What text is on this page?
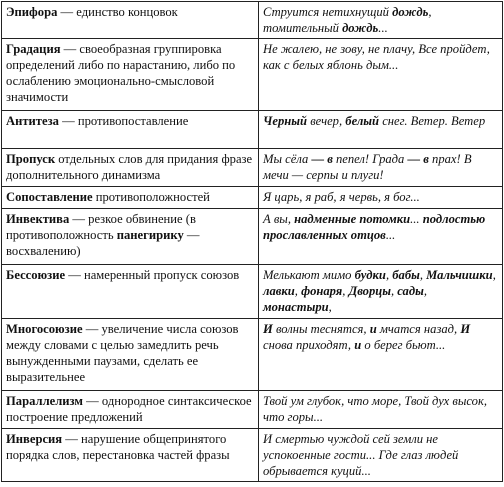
Эпифора — единство концовок	Струится нетихнущий дождь, томительный дождь...
Градация — своеобразная группировка определений либо по нарастанию, либо по ослаблению эмоционально-смысловой значимости	Не жалею, не зову, не плачу, Все пройдет, как с белых яблонь дым...
Антитеза — противопоставление	Черный вечер, белый снег. Ветер. Ветер
Пропуск отдельных слов для придания фразе дополнительного динамизма	Мы сёла — в пепел! Града — в прах! В мечи — серпы и плуги!
Сопоставление противоположностей	Я царь, я раб, я червь, я бог...
Инвектива — резкое обвинение (в противоположность панегирику — восхвалению)	А вы, надменные потомки... подлостью прославленных отцов...
Бессоюзие — намеренный пропуск союзов	Мелькают мимо будки, бабы, Мальчишки, лавки, фонаря, Дворцы, сады, монастыри,
Многосоюзие — увеличение числа союзов между словами с целью замедлить речь вынужденными паузами, сделать ее выразительнее	И волны теснятся, и мчатся назад, И снова приходят, и о берег бьют...
Параллелизм — однородное синтаксическое построение предложений	Твой ум глубок, что море, Твой дух высок, что горы...
Инверсия — нарушение общепринятого порядка слов, перестановка частей фразы	И смертью чуждой сей земли не успокоенные гости... Где глаз людей обрывается куций...
